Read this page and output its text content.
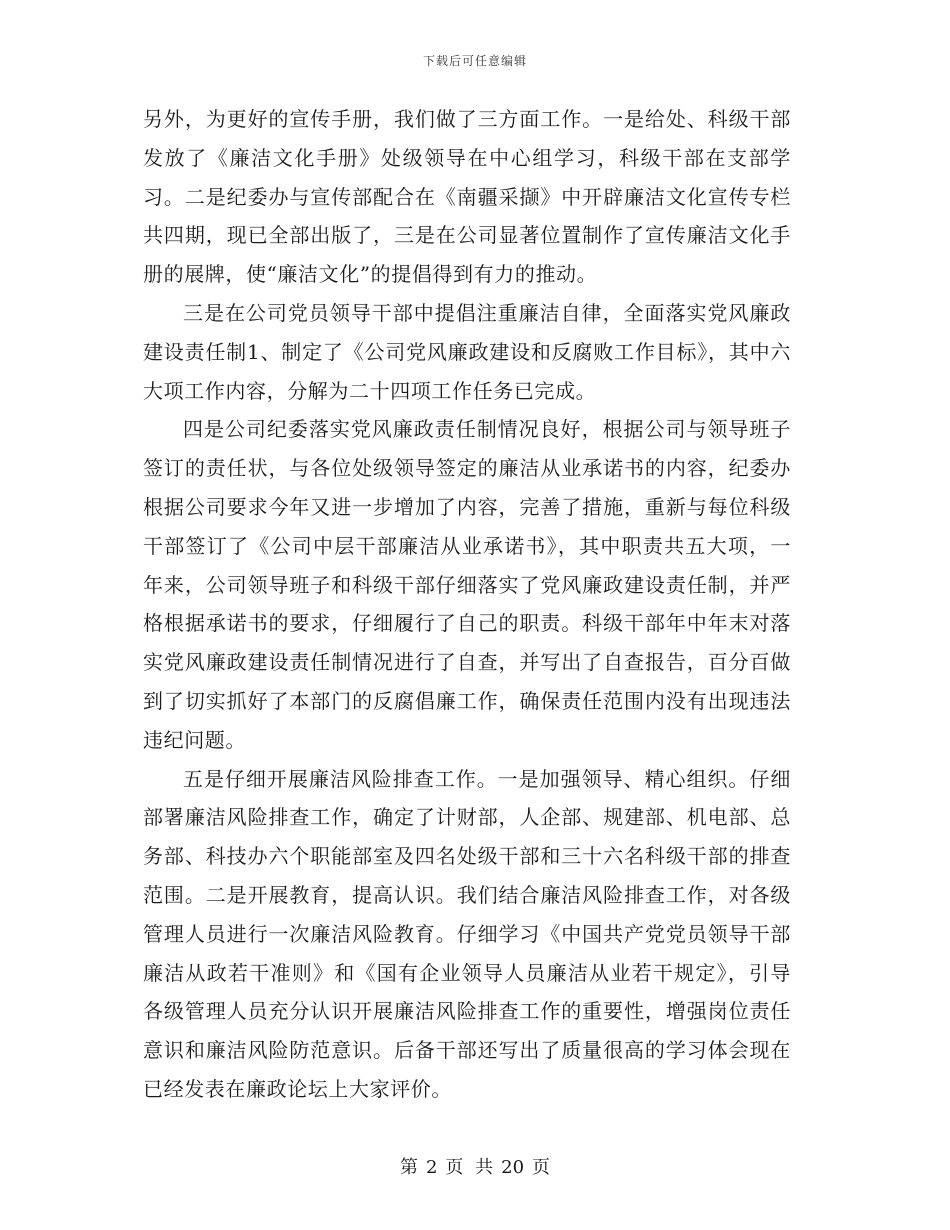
下载后可任意编辑

另外，为更好的宣传手册，我们做了三方面工作。一是给处、科级干部发放了《廉洁文化手册》处级领导在中心组学习，科级干部在支部学习。二是纪委办与宣传部配合在《南疆采撷》中开辟廉洁文化宣传专栏共四期，现已全部出版了，三是在公司显著位置制作了宣传廉洁文化手册的展牌，使“廉洁文化”的提倡得到有力的推动。

三是在公司党员领导干部中提倡注重廉洁自律，全面落实党风廉政建设责任制1、制定了《公司党风廉政建设和反腐败工作目标》，其中六大项工作内容，分解为二十四项工作任务已完成。

四是公司纪委落实党风廉政责任制情况良好，根据公司与领导班子签订的责任状，与各位处级领导签定的廉洁从业承诺书的内容，纪委办根据公司要求今年又进一步增加了内容，完善了措施，重新与每位科级干部签订了《公司中层干部廉洁从业承诺书》，其中职责共五大项，一年来，公司领导班子和科级干部仔细落实了党风廉政建设责任制，并严格根据承诺书的要求，仔细履行了自己的职责。科级干部年中年末对落实党风廉政建设责任制情况进行了自查，并写出了自查报告，百分百做到了切实抓好了本部门的反腐倡廉工作，确保责任范围内没有出现违法违纪问题。

五是仔细开展廉洁风险排查工作。一是加强领导、精心组织。仔细部署廉洁风险排查工作，确定了计财部，人企部、规建部、机电部、总务部、科技办六个职能部室及四名处级干部和三十六名科级干部的排查范围。二是开展教育，提高认识。我们结合廉洁风险排查工作，对各级管理人员进行一次廉洁风险教育。仔细学习《中国共产党党员领导干部廉洁从政若干准则》和《国有企业领导人员廉洁从业若干规定》，引导各级管理人员充分认识开展廉洁风险排查工作的重要性，增强岗位责任意识和廉洁风险防范意识。后备干部还写出了质量很高的学习体会现在已经发表在廉政论坛上大家评价。

第 2 页 共 20 页
